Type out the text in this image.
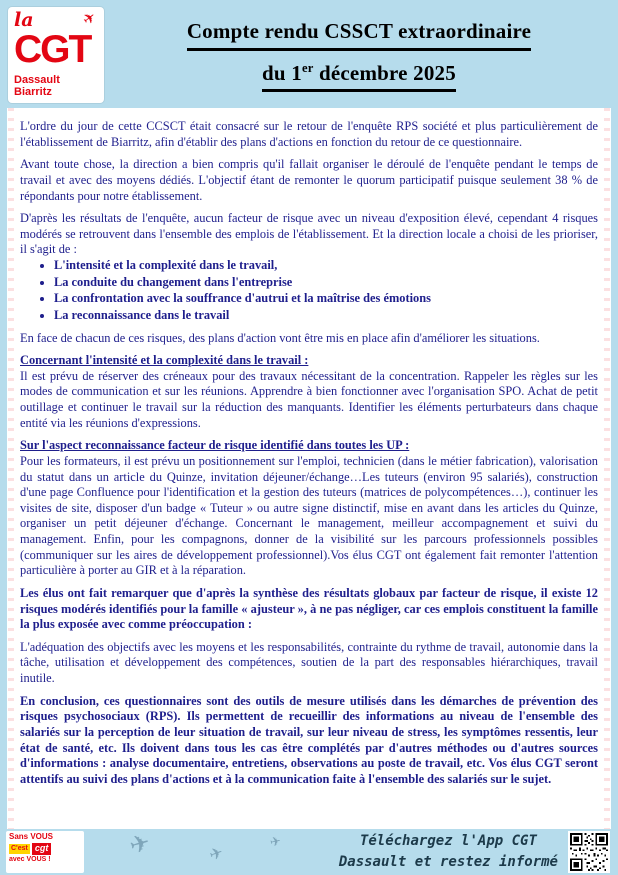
la	✈
CGT
Dassault Biarritz
Compte rendu CSSCT extraordinaire
du 1er décembre 2025

L'ordre du jour de cette CCSCT était consacré sur le retour de l'enquête RPS société et plus particulièrement de l'établissement de Biarritz, afin d'établir des plans d'actions en fonction du retour de ce questionnaire.

Avant toute chose, la direction a bien compris qu'il fallait organiser le déroulé de l'enquête pendant le temps de travail et avec des moyens dédiés. L'objectif étant de remonter le quorum participatif puisque seulement 38 % de répondants pour notre établissement.

D'après les résultats de l'enquête, aucun facteur de risque avec un niveau d'exposition élevé, cependant 4 risques modérés se retrouvent dans l'ensemble des emplois de l'établissement. Et la direction locale a choisi de les prioriser, il s'agit de :

• L'intensité et la complexité dans le travail,
• La conduite du changement dans l'entreprise
• La confrontation avec la souffrance d'autrui et la maîtrise des émotions
• La reconnaissance dans le travail

En face de chacun de ces risques, des plans d'action vont être mis en place afin d'améliorer les situations.

Concernant l'intensité et la complexité dans le travail :

Il est prévu de réserver des créneaux pour des travaux nécessitant de la concentration. Rappeler les règles sur les modes de communication et sur les réunions. Apprendre à bien fonctionner avec l'organisation SPO. Achat de petit outillage et continuer le travail sur la réduction des manquants. Identifier les éléments perturbateurs dans chaque entité via les réunions d'expressions.

Sur l'aspect reconnaissance facteur de risque identifié dans toutes les UP :

Pour les formateurs, il est prévu un positionnement sur l'emploi, technicien (dans le métier fabrication), valorisation du statut dans un article du Quinze, invitation déjeuner/échange…Les tuteurs (environ 95 salariés), construction d'une page Confluence pour l'identification et la gestion des tuteurs (matrices de polycompétences…), continuer les visites de site, disposer d'un badge « Tuteur » ou autre signe distinctif, mise en avant dans les articles du Quinze, organiser un petit déjeuner d'échange. Concernant le management, meilleur accompagnement et suivi du management. Enfin, pour les compagnons, donner de la visibilité sur les parcours professionnels possibles (communiquer sur les aires de développement professionnel).Vos élus CGT ont également fait remonter l'attention particulière à porter au GIR et à la réparation.

Les élus ont fait remarquer que d'après la synthèse des résultats globaux par facteur de risque, il existe 12 risques modérés identifiés pour la famille « ajusteur », à ne pas négliger, car ces emplois constituent la famille la plus exposée avec comme préoccupation :

L'adéquation des objectifs avec les moyens et les responsabilités, contrainte du rythme de travail, autonomie dans la tâche, utilisation et développement des compétences, soutien de la part des responsables hiérarchiques, travail inutile.

En conclusion, ces questionnaires sont des outils de mesure utilisés dans les démarches de prévention des risques psychosociaux (RPS). Ils permettent de recueillir des informations au niveau de l'ensemble des salariés sur la perception de leur situation de travail, sur leur niveau de stress, les symptômes ressentis, leur état de santé, etc. Ils doivent dans tous les cas être complétés par d'autres méthodes ou d'autres sources d'informations : analyse documentaire, entretiens, observations au poste de travail, etc. Vos élus CGT seront attentifs au suivi des plans d'actions et à la communication faite à l'ensemble des salariés sur le sujet.

Sans VOUS
C'est cgt
avec VOUS !	✈	✈
✈	Téléchargez l'App CGT
Dassault et restez informé
